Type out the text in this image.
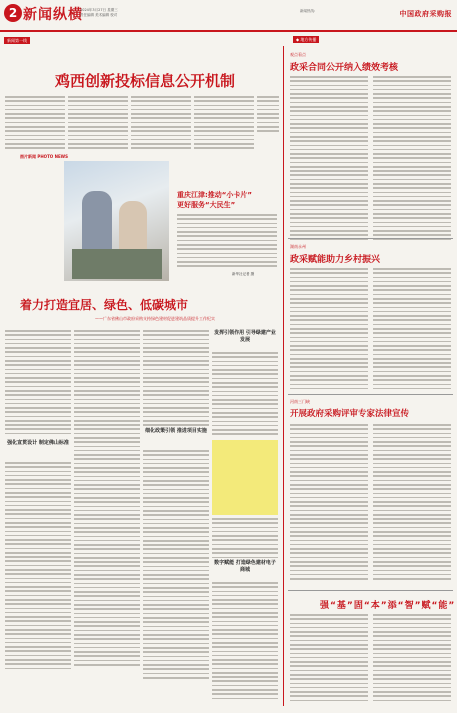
2 新闻纵横
2024年3月27日 星期三
责任编辑 美术编辑 校对
新闻热线:	中国政府采购报
新闻第一线
鸡西创新投标信息公开机制
图片新闻 PHOTO NEWS
重庆江津:推动“小卡片”
更好服务“大民生”
新华社记者 摄
着力打造宜居、绿色、低碳城市
——广东省佛山市政府采购支持绿色建材促进建筑品质提升工作纪实
强化宣贯设计 制定佛山标准
细化政策引领 推进项目实施
发挥引领作用 引导绿建产业发展
数字赋能 打造绿色建材电子商城
◆ 地方传播
观点看点
政采合同公开纳入绩效考核
湖南永州
政采赋能助力乡村振兴
河南三门峡
开展政府采购评审专家法律宣传
强“基”固“本”添“智”赋“能”
